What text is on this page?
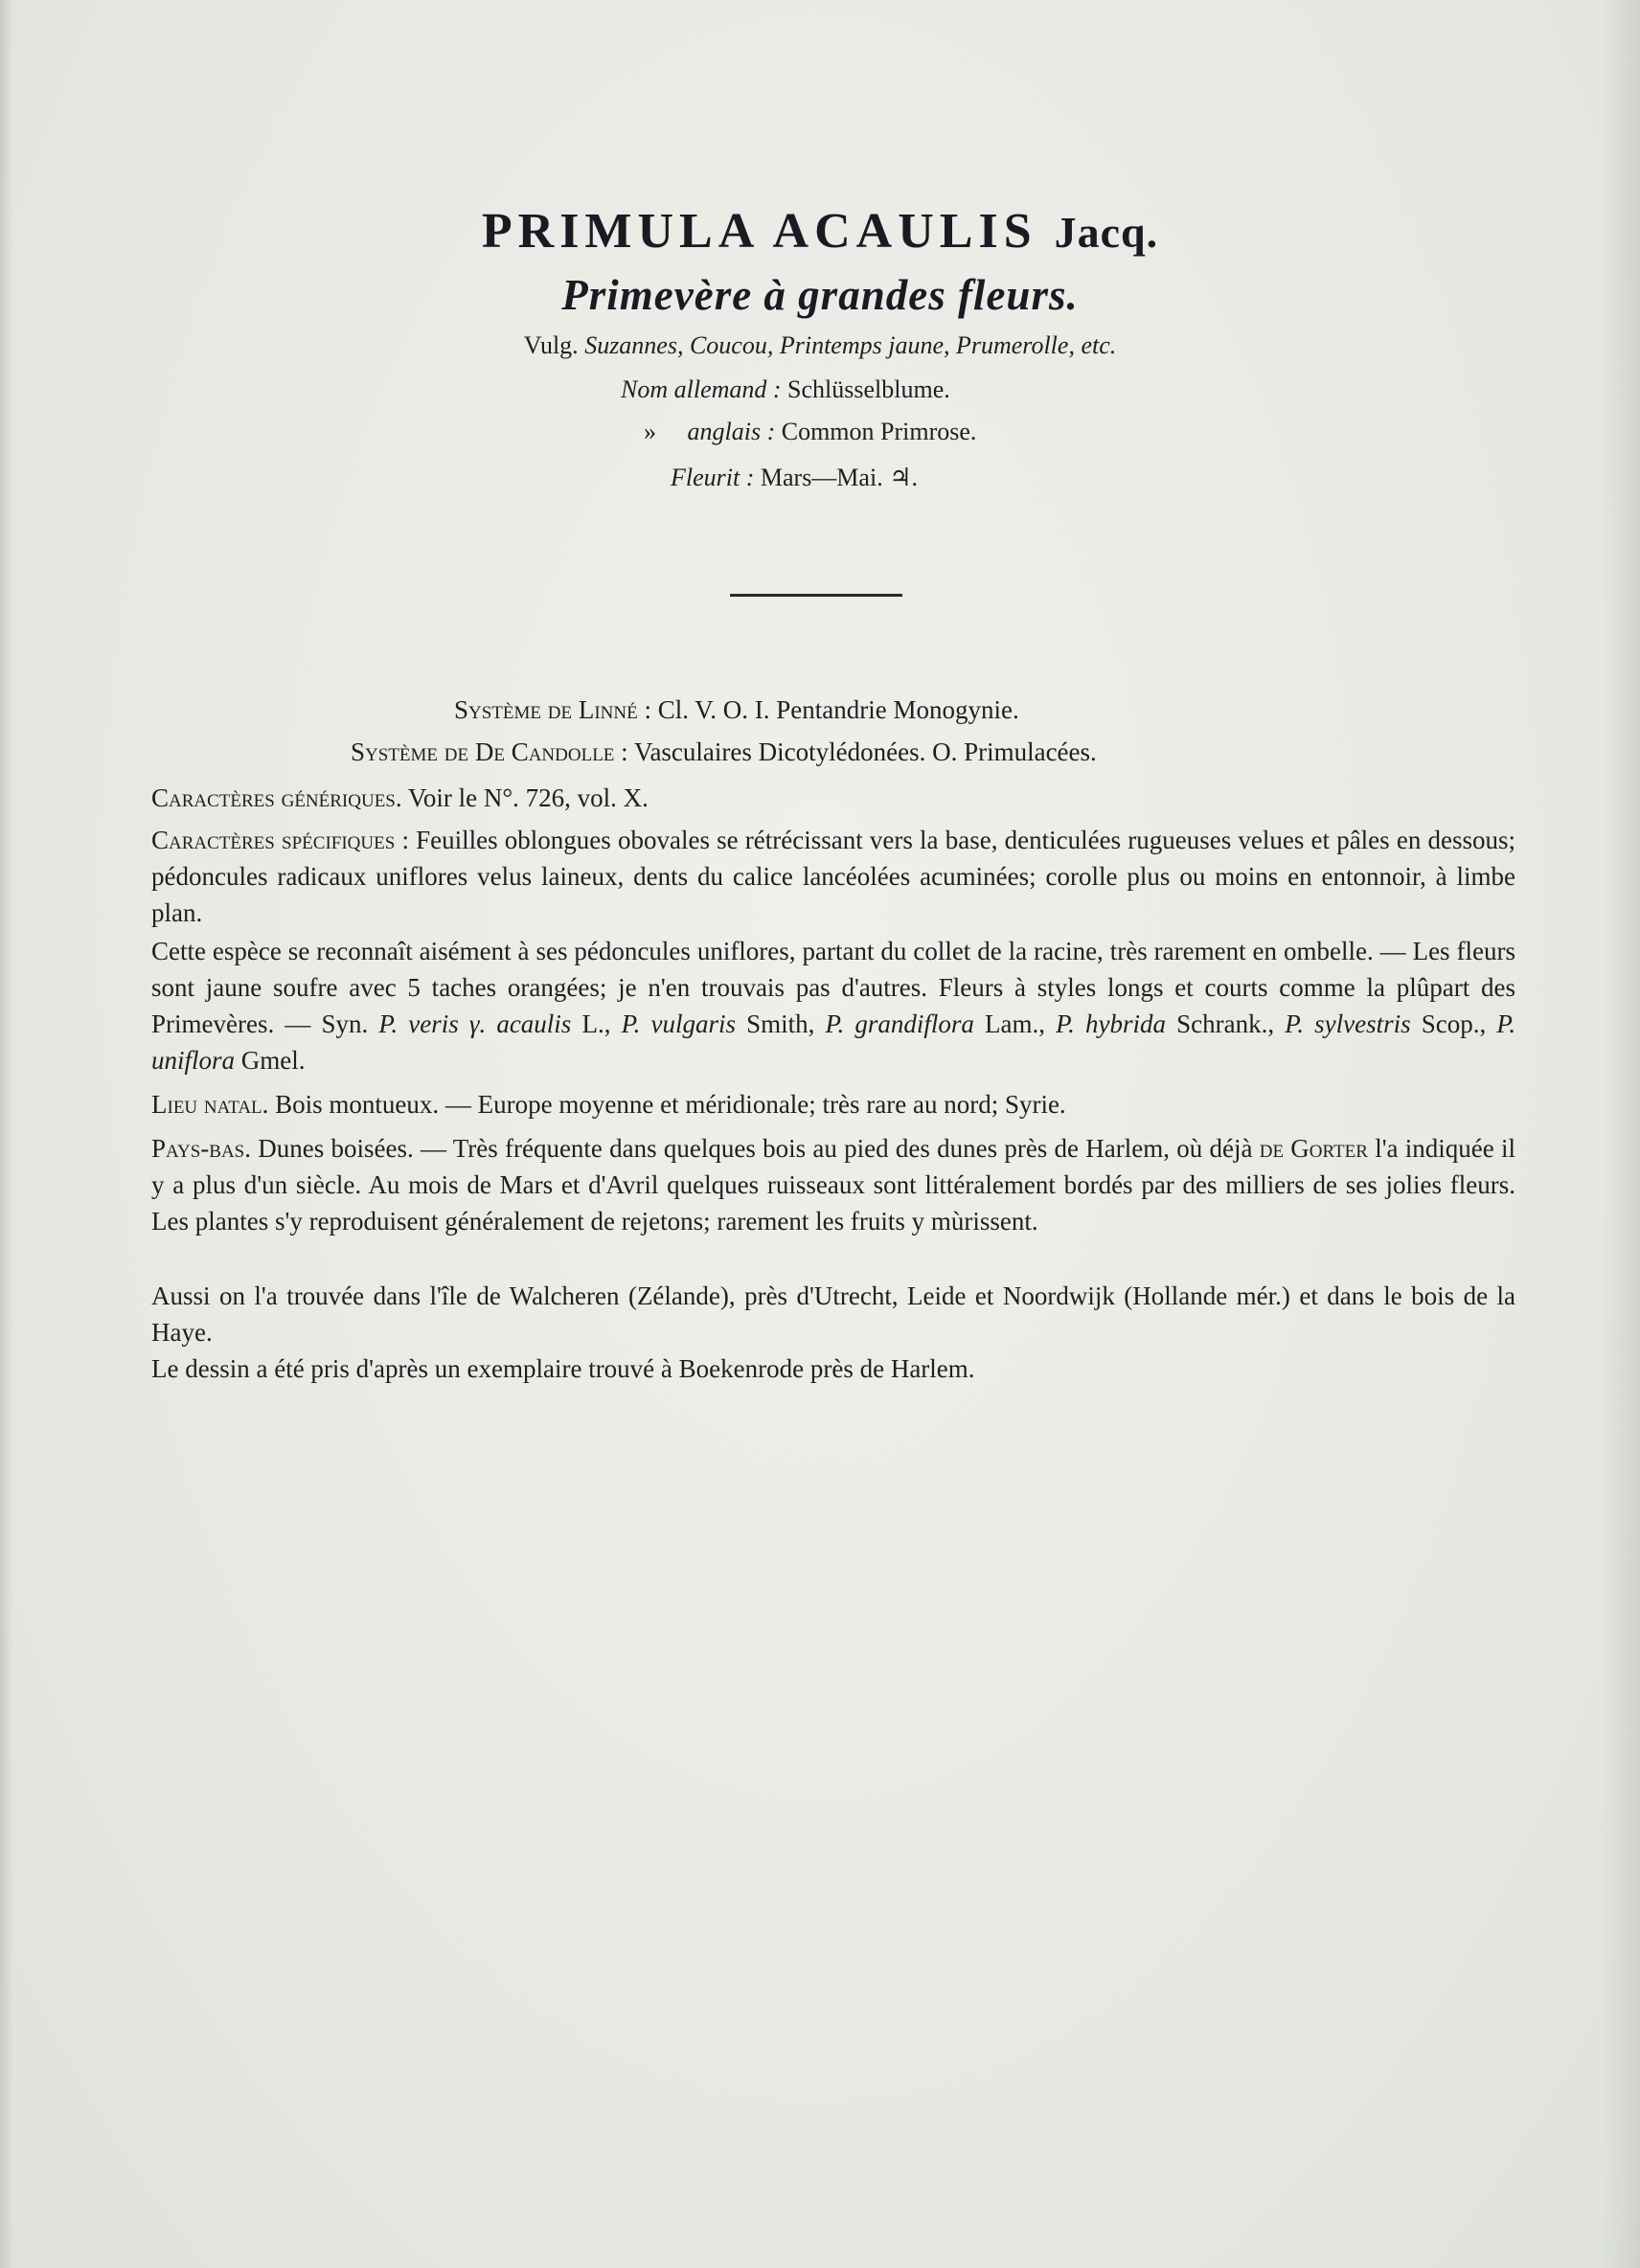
PRIMULA ACAULIS Jacq.
Primevère à grandes fleurs.
Vulg. Suzannes, Coucou, Printemps jaune, Prumerolle, etc.
Nom allemand : Schlüsselblume.
» anglais : Common Primrose.
Fleurit : Mars—Mai. ♃.
Système de Linné : Cl. V. O. I. Pentandrie Monogynie.
Système de De Candolle : Vasculaires Dicotylédonées. O. Primulacées.
Caractères génériques. Voir le N°. 726, vol. X.
Caractères spécifiques : Feuilles oblongues obovales se rétrécissant vers la base, denticulées rugueuses velues et pâles en dessous; pédoncules radicaux uniflores velus laineux, dents du calice lancéolées acuminées; corolle plus ou moins en entonnoir, à limbe plan.
Cette espèce se reconnaît aisément à ses pédoncules uniflores, partant du collet de la racine, très rarement en ombelle. — Les fleurs sont jaune soufre avec 5 taches orangées; je n'en trouvais pas d'autres. Fleurs à styles longs et courts comme la plûpart des Primevères. — Syn. P. veris γ. acaulis L., P. vulgaris Smith, P. grandiflora Lam., P. hybrida Schrank., P. sylvestris Scop., P. uniflora Gmel.
Lieu natal. Bois montueux. — Europe moyenne et méridionale; très rare au nord; Syrie.
Pays-bas. Dunes boisées. — Très fréquente dans quelques bois au pied des dunes près de Harlem, où déjà de Gorter l'a indiquée il y a plus d'un siècle. Au mois de Mars et d'Avril quelques ruisseaux sont littéralement bordés par des milliers de ses jolies fleurs. Les plantes s'y reproduisent généralement de rejetons; rarement les fruits y mùrissent.
Aussi on l'a trouvée dans l'île de Walcheren (Zélande), près d'Utrecht, Leide et Noordwijk (Hollande mér.) et dans le bois de la Haye.
Le dessin a été pris d'après un exemplaire trouvé à Boekenrode près de Harlem.
